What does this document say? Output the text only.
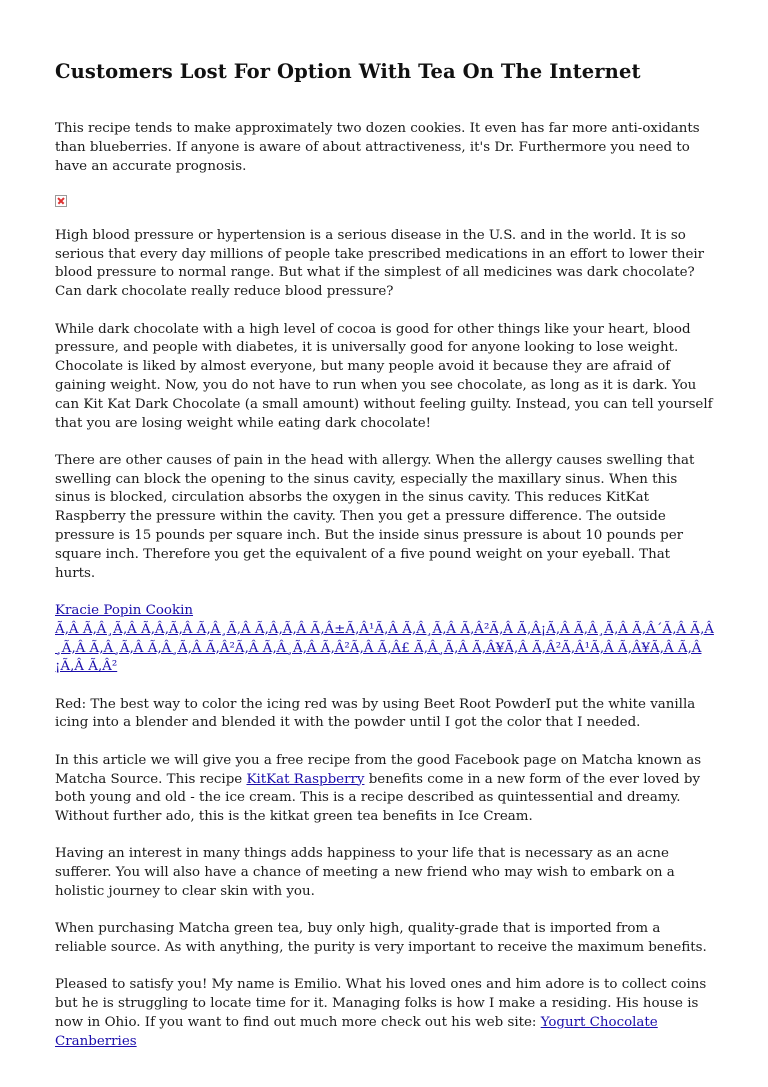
Customers Lost For Option With Tea On The Internet

This recipe tends to make approximately two dozen cookies. It even has far more anti-oxidants than blueberries. If anyone is aware of about attractiveness, it's Dr. Furthermore you need to have an accurate prognosis.

High blood pressure or hypertension is a serious disease in the U.S. and in the world. It is so serious that every day millions of people take prescribed medications in an effort to lower their blood pressure to normal range. But what if the simplest of all medicines was dark chocolate? Can dark chocolate really reduce blood pressure?

While dark chocolate with a high level of cocoa is good for other things like your heart, blood pressure, and people with diabetes, it is universally good for anyone looking to lose weight. Chocolate is liked by almost everyone, but many people avoid it because they are afraid of gaining weight. Now, you do not have to run when you see chocolate, as long as it is dark. You can Kit Kat Dark Chocolate (a small amount) without feeling guilty. Instead, you can tell yourself that you are losing weight while eating dark chocolate!

There are other causes of pain in the head with allergy. When the allergy causes swelling that swelling can block the opening to the sinus cavity, especially the maxillary sinus. When this sinus is blocked, circulation absorbs the oxygen in the sinus cavity. This reduces KitKat Raspberry the pressure within the cavity. Then you get a pressure difference. The outside pressure is 15 pounds per square inch. But the inside sinus pressure is about 10 pounds per square inch. Therefore you get the equivalent of a five pound weight on your eyeball. That hurts.

Kracie Popin Cookin
Ã‚Â Ã‚Â¸Ã‚Â Ã‚Â‚Ã‚Â Ã‚Â¸Ã‚Â Ã‚Â‚Ã‚Â Ã‚Â±Ã‚Â¹Ã‚Â Ã‚Â¸Ã‚Â Ã‚Â²Ã‚Â Ã‚Â¡Ã‚Â Ã‚Â¸Ã‚Â Ã‚Â´Ã‚Â Ã‚Â¸Ã‚Â Ã‚Â¸Ã‚Â Ã‚Â¸Ã‚Â Ã‚Â²Ã‚Â Ã‚Â¸Ã‚Â Ã‚Â²Ã‚Â Ã‚Â£ Ã‚Â¸Ã‚Â Ã‚Â¥Ã‚Â Ã‚Â²Ã‚Â¹Ã‚Â Ã‚Â¥Ã‚Â Ã‚Â¡Ã‚Â Ã‚Â²

Red: The best way to color the icing red was by using Beet Root PowderI put the white vanilla icing into a blender and blended it with the powder until I got the color that I needed.

In this article we will give you a free recipe from the good Facebook page on Matcha known as Matcha Source. This recipe KitKat Raspberry benefits come in a new form of the ever loved by both young and old - the ice cream. This is a recipe described as quintessential and dreamy. Without further ado, this is the kitkat green tea benefits in Ice Cream.

Having an interest in many things adds happiness to your life that is necessary as an acne sufferer. You will also have a chance of meeting a new friend who may wish to embark on a holistic journey to clear skin with you.

When purchasing Matcha green tea, buy only high, quality-grade that is imported from a reliable source. As with anything, the purity is very important to receive the maximum benefits.

Pleased to satisfy you! My name is Emilio. What his loved ones and him adore is to collect coins but he is struggling to locate time for it. Managing folks is how I make a residing. His house is now in Ohio. If you want to find out much more check out his web site: Yogurt Chocolate Cranberries
